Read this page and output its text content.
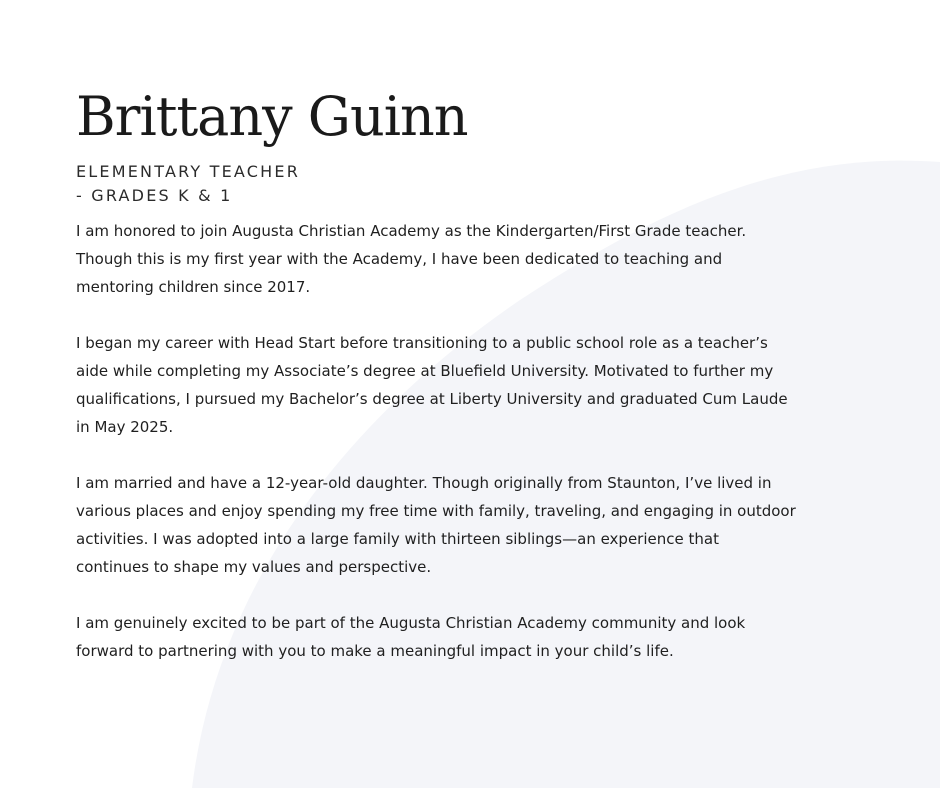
Brittany Guinn
ELEMENTARY TEACHER
- GRADES K & 1

I am honored to join Augusta Christian Academy as the Kindergarten/First Grade teacher. Though this is my first year with the Academy, I have been dedicated to teaching and mentoring children since 2017.

I began my career with Head Start before transitioning to a public school role as a teacher’s aide while completing my Associate’s degree at Bluefield University. Motivated to further my qualifications, I pursued my Bachelor’s degree at Liberty University and graduated Cum Laude in May 2025.

I am married and have a 12-year-old daughter. Though originally from Staunton, I’ve lived in various places and enjoy spending my free time with family, traveling, and engaging in outdoor activities. I was adopted into a large family with thirteen siblings—an experience that continues to shape my values and perspective.

I am genuinely excited to be part of the Augusta Christian Academy community and look forward to partnering with you to make a meaningful impact in your child’s life.
